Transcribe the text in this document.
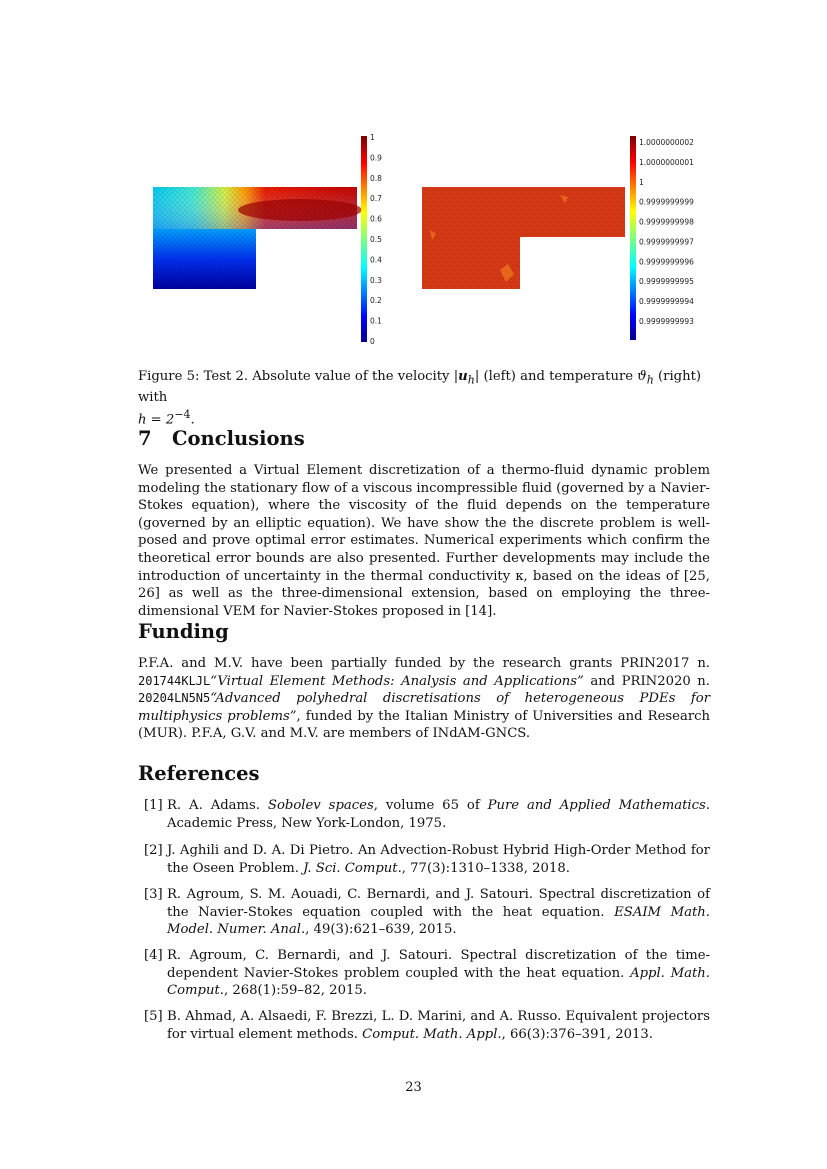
1
0.9
0.8
0.7
0.6
0.5
0.4
0.3
0.2
0.1
0
1.0000000002
1.0000000001
1
0.9999999999
0.9999999998
0.9999999997
0.9999999996
0.9999999995
0.9999999994
0.9999999993
Figure 5: Test 2. Absolute value of the velocity $|u_h|$ (left) and temperature $ϑ_h$ (right) with
$h = 2^{-4}$.
7 Conclusions

We presented a Virtual Element discretization of a thermo-fluid dynamic problem modeling the stationary flow of a viscous incompressible fluid (governed by a Navier-Stokes equation), where the viscosity of the fluid depends on the temperature (governed by an elliptic equation). We have show the the discrete problem is well-posed and prove optimal error estimates. Numerical experiments which confirm the theoretical error bounds are also presented. Further developments may include the introduction of uncertainty in the thermal conductivity κ, based on the ideas of [25, 26] as well as the three-dimensional extension, based on employing the three-dimensional VEM for Navier-Stokes proposed in [14].

Funding

P.F.A. and M.V. have been partially funded by the research grants PRIN2017 n. 201744KLJL“Virtual Element Methods: Analysis and Applications” and PRIN2020 n. 20204LN5N5“Advanced polyhedral discretisations of heterogeneous PDEs for multiphysics problems”, funded by the Italian Ministry of Universities and Research (MUR). P.F.A, G.V. and M.V. are members of INdAM-GNCS.

References
[1] R. A. Adams. Sobolev spaces, volume 65 of Pure and Applied Mathematics. Academic Press, New York-London, 1975.
[2] J. Aghili and D. A. Di Pietro. An Advection-Robust Hybrid High-Order Method for the Oseen Problem. J. Sci. Comput., 77(3):1310–1338, 2018.
[3] R. Agroum, S. M. Aouadi, C. Bernardi, and J. Satouri. Spectral discretization of the Navier-Stokes equation coupled with the heat equation. ESAIM Math. Model. Numer. Anal., 49(3):621–639, 2015.
[4] R. Agroum, C. Bernardi, and J. Satouri. Spectral discretization of the time-dependent Navier-Stokes problem coupled with the heat equation. Appl. Math. Comput., 268(1):59–82, 2015.
[5] B. Ahmad, A. Alsaedi, F. Brezzi, L. D. Marini, and A. Russo. Equivalent projectors for virtual element methods. Comput. Math. Appl., 66(3):376–391, 2013.
23
